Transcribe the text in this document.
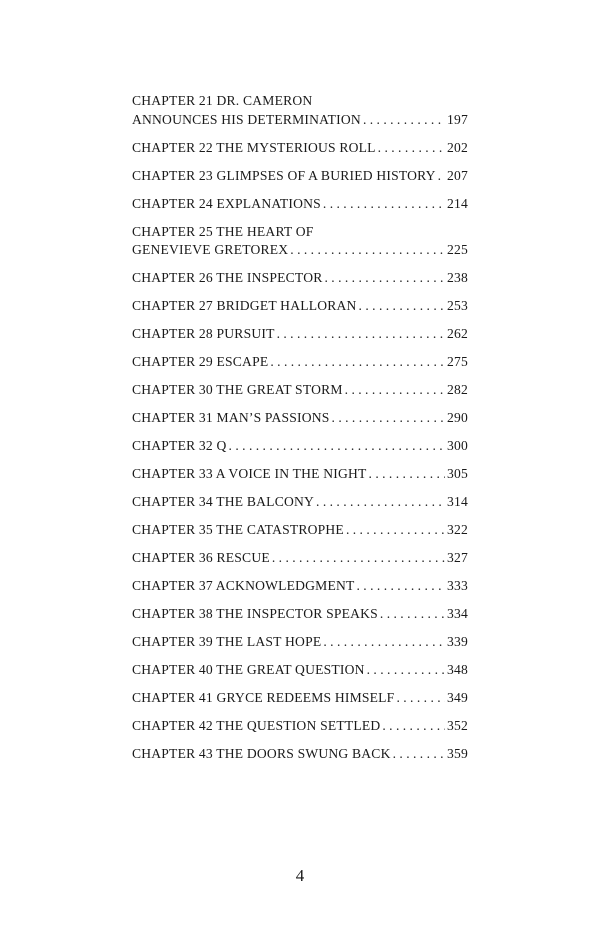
CHAPTER 21 DR. CAMERON
ANNOUNCES HIS DETERMINATION . . .	197
CHAPTER 22 THE MYSTERIOUS ROLL . . .	202
CHAPTER 23 GLIMPSES OF A BURIED HISTORY . . . 207
CHAPTER 24 EXPLANATIONS . . .	214
CHAPTER 25 THE HEART OF
GENEVIEVE GRETOREX . . .	225
CHAPTER 26 THE INSPECTOR . . .	238
CHAPTER 27 BRIDGET HALLORAN . . .	253
CHAPTER 28 PURSUIT . . .	262
CHAPTER 29 ESCAPE . . .	275
CHAPTER 30 THE GREAT STORM . . .	282
CHAPTER 31 MAN’S PASSIONS . . .	290
CHAPTER 32 Q . . .	300
CHAPTER 33 A VOICE IN THE NIGHT . . .	305
CHAPTER 34 THE BALCONY . . .	314
CHAPTER 35 THE CATASTROPHE . . .	322
CHAPTER 36 RESCUE . . .	327
CHAPTER 37 ACKNOWLEDGMENT . . .	333
CHAPTER 38 THE INSPECTOR SPEAKS . . .	334
CHAPTER 39 THE LAST HOPE . . .	339
CHAPTER 40 THE GREAT QUESTION . . .	348
CHAPTER 41 GRYCE REDEEMS HIMSELF . . .	349
CHAPTER 42 THE QUESTION SETTLED . . .	352
CHAPTER 43 THE DOORS SWUNG BACK . . .	359
4
